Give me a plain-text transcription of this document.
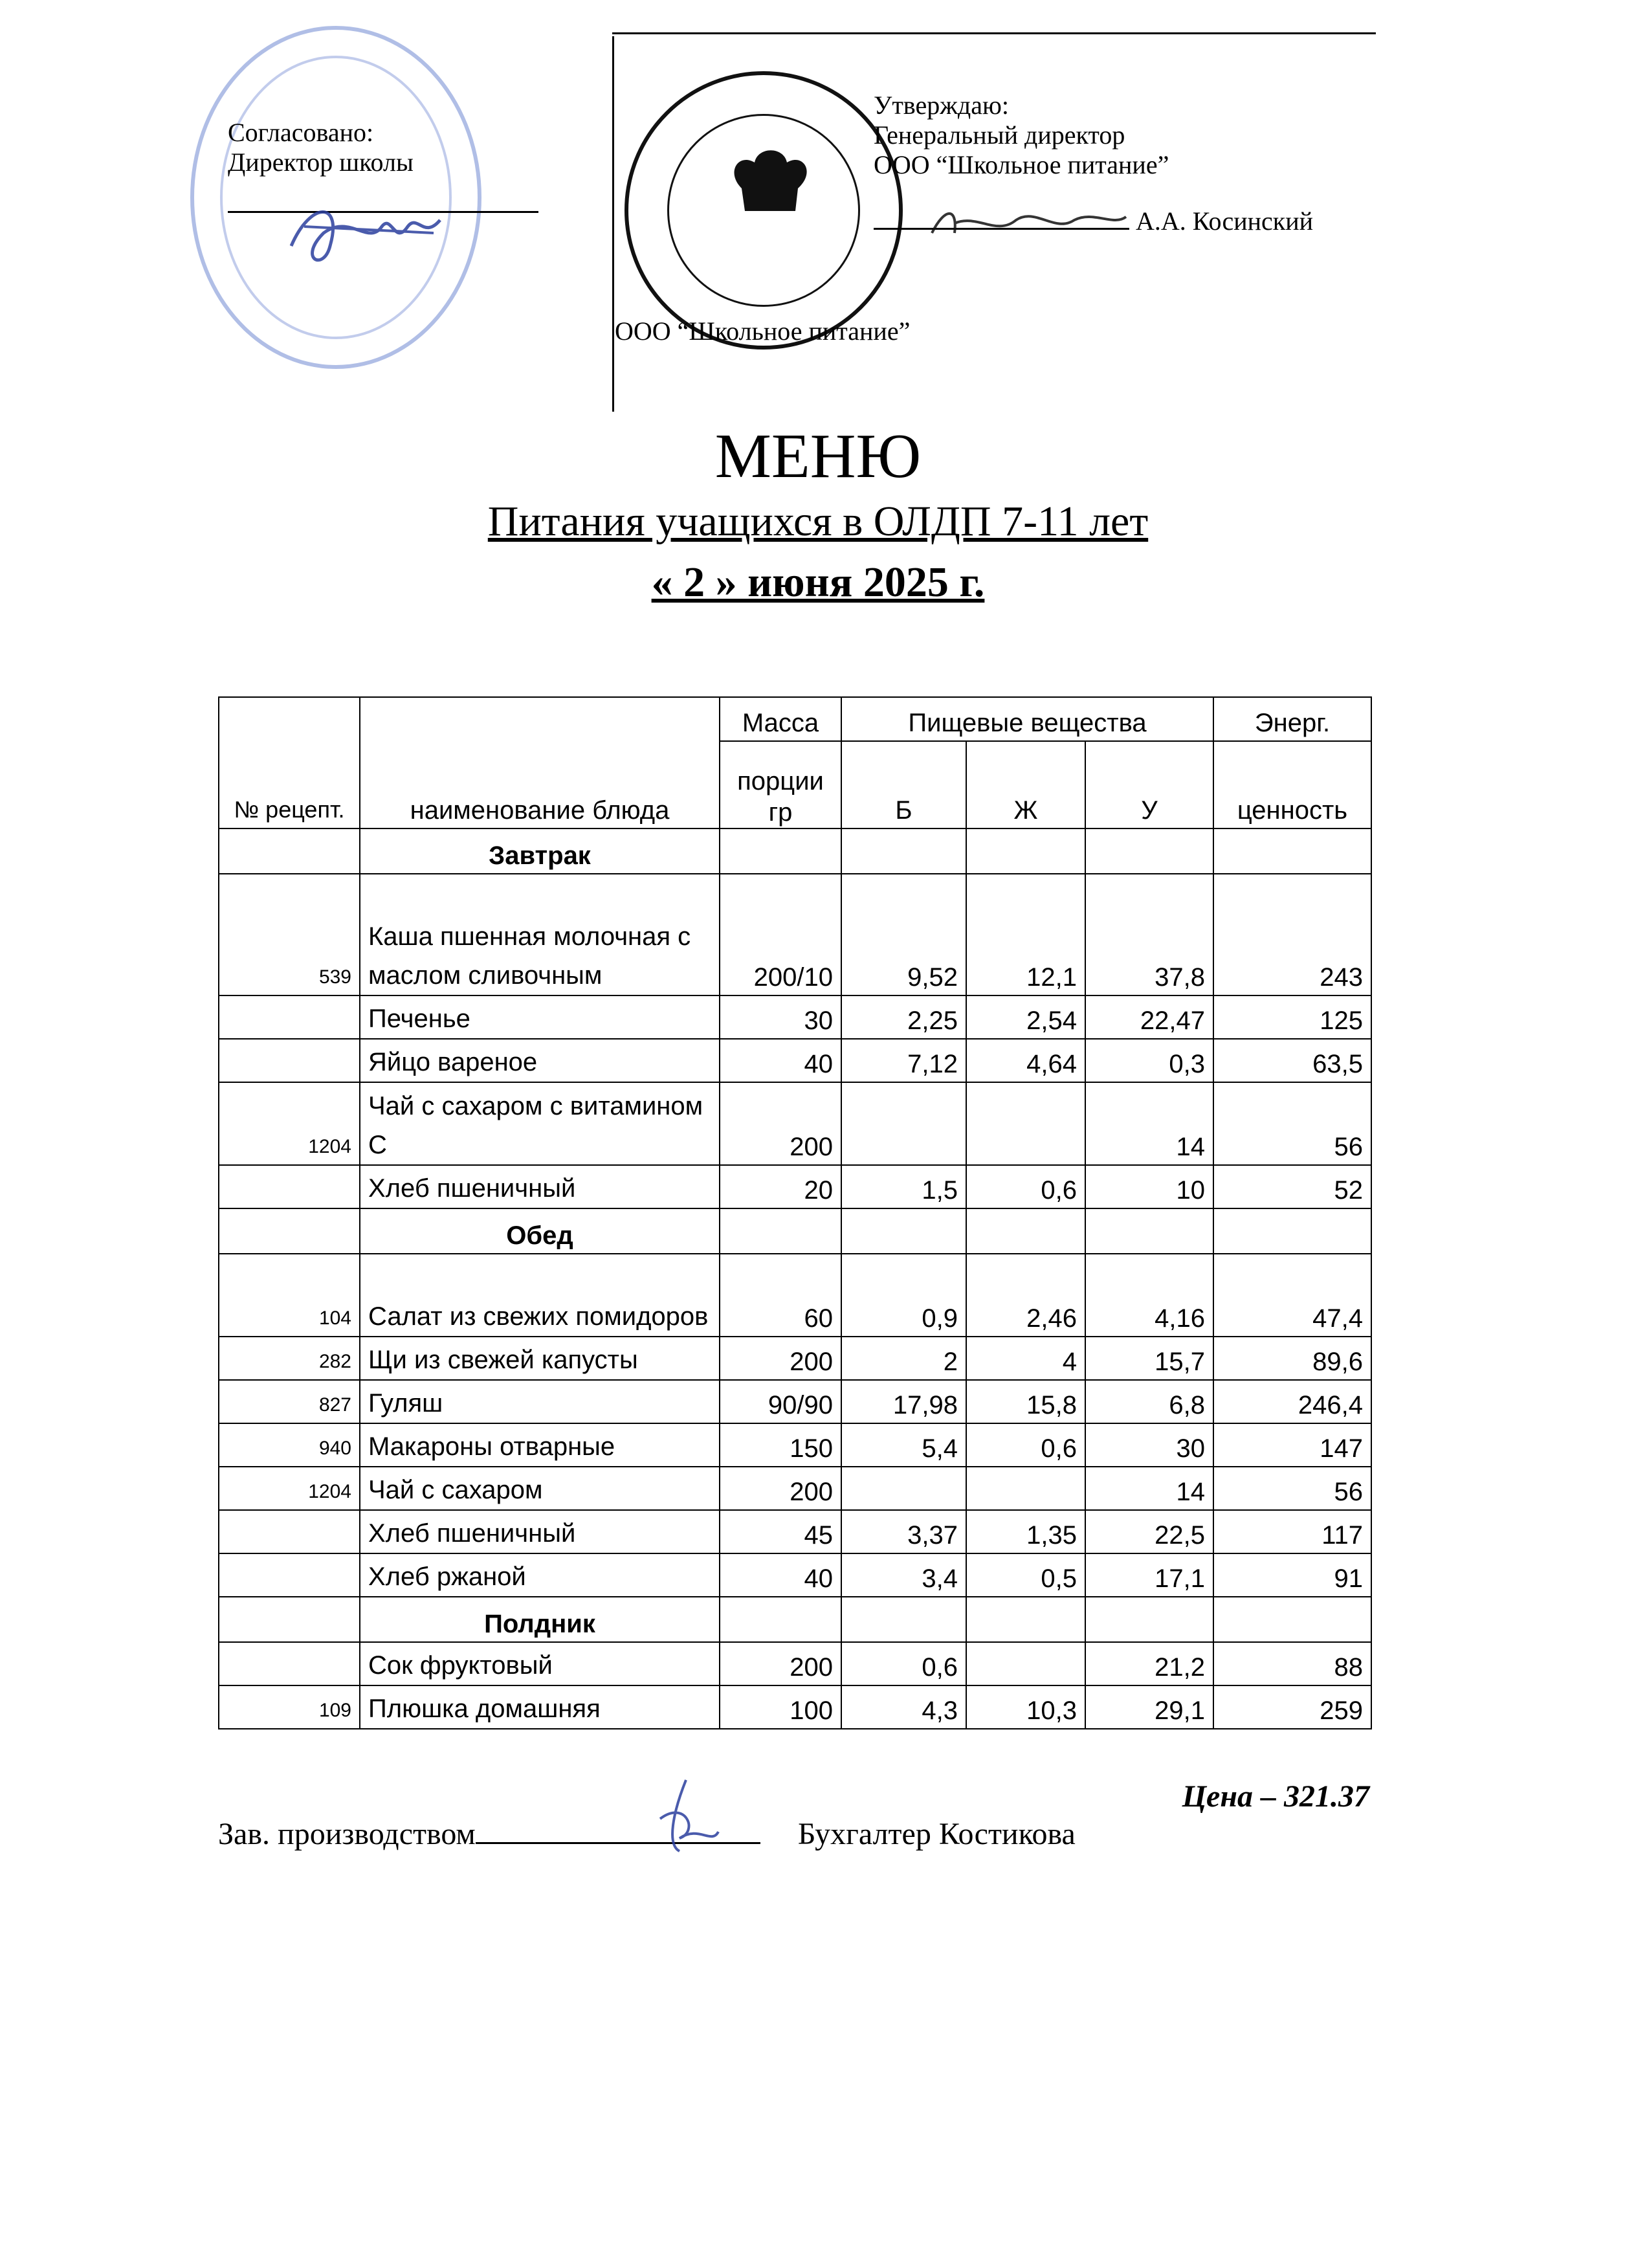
Согласовано:
Директор школы
Утверждаю:
Генеральный директор
ООО “Школьное питание”
А.А. Косинский
ООО “Школьное питание”
МЕНЮ
Питания учащихся в ОЛДП 7-11 лет
« 2 » июня 2025 г.
№ рецепт.	наименование блюда	Масса	Пищевые вещества			Энерг.
		порции гр	Б	Ж	У	ценность
	Завтрак					
539	Каша пшенная молочная с маслом сливочным	200/10	9,52	12,1	37,8	243
	Печенье	30	2,25	2,54	22,47	125
	Яйцо вареное	40	7,12	4,64	0,3	63,5
1204	Чай с сахаром с витамином С	200			14	56
	Хлеб пшеничный	20	1,5	0,6	10	52
	Обед					
104	Салат из свежих помидоров	60	0,9	2,46	4,16	47,4
282	Щи из свежей капусты	200	2	4	15,7	89,6
827	Гуляш	90/90	17,98	15,8	6,8	246,4
940	Макароны отварные	150	5,4	0,6	30	147
1204	Чай с сахаром	200			14	56
	Хлеб пшеничный	45	3,37	1,35	22,5	117
	Хлеб ржаной	40	3,4	0,5	17,1	91
	Полдник					
	Сок фруктовый	200	0,6		21,2	88
109	Плюшка домашняя	100	4,3	10,3	29,1	259
Цена – 321.37
Зав. производством	Бухгалтер Костикова
